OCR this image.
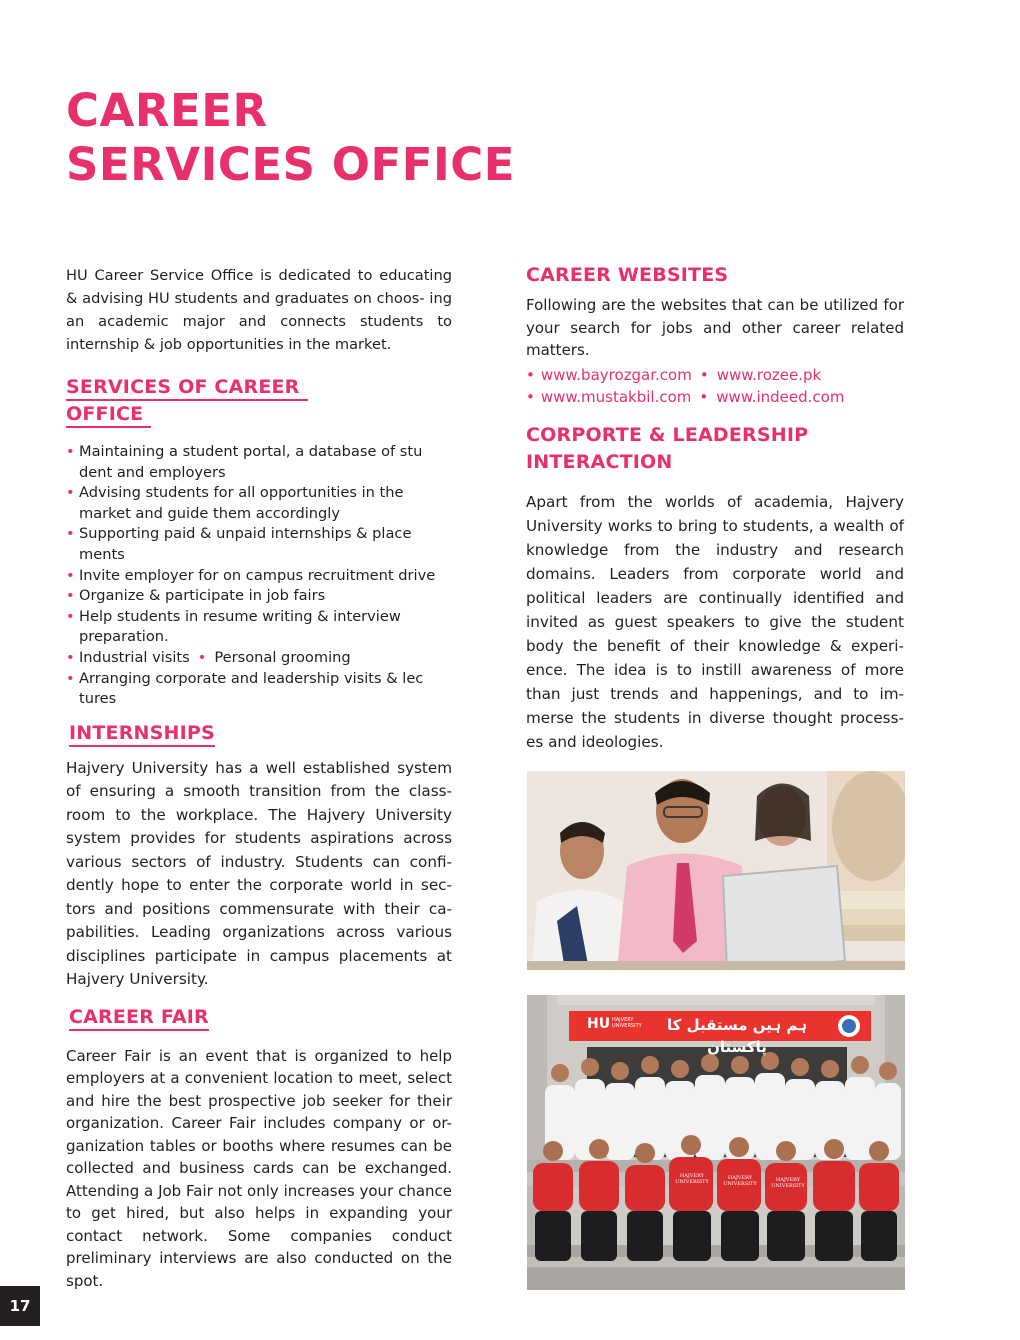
CAREER
SERVICES OFFICE

HU Career Service Office is dedicated to educating & advising HU students and graduates on choos- ing an academic major and connects students to internship & job opportunities in the market.

SERVICES OF CAREER
OFFICE
• Maintaining a student portal, a database of stu dent and employers
• Advising students for all opportunities in the market and guide them accordingly
• Supporting paid & unpaid internships & place ments
• Invite employer for on campus recruitment drive
• Organize & participate in job fairs
• Help students in resume writing & interview preparation.
• Industrial visits • Personal grooming
• Arranging corporate and leadership visits & lec tures
INTERNSHIPS

Hajvery University has a well established system of ensuring a smooth transition from the class- room to the workplace. The Hajvery University system provides for students aspirations across various sectors of industry. Students can confi- dently hope to enter the corporate world in sec- tors and positions commensurate with their ca- pabilities. Leading organizations across various disciplines participate in campus placements at Hajvery University.

CAREER FAIR

Career Fair is an event that is organized to help employers at a convenient location to meet, select and hire the best prospective job seeker for their organization. Career Fair includes company or or- ganization tables or booths where resumes can be collected and business cards can be exchanged. Attending a Job Fair not only increases your chance to get hired, but also helps in expanding your contact network. Some companies conduct preliminary interviews are also conducted on the spot.

CAREER WEBSITES

Following are the websites that can be utilized for your search for jobs and other career related matters.

• www.bayrozgar.com • www.rozee.pk
• www.mustakbil.com • www.indeed.com
CORPORTE & LEADERSHIP
INTERACTION

Apart from the worlds of academia, Hajvery University works to bring to students, a wealth of knowledge from the industry and research domains. Leaders from corporate world and political leaders are continually identified and invited as guest speakers to give the student body the benefit of their knowledge & experi- ence. The idea is to instill awareness of more than just trends and happenings, and to im- merse the students in diverse thought process- es and ideologies.

HU HAJVERY
UNIVERSITY	ہم ہیں مستقبل کا پاکستان
HAJVERY UNIVERSITY
HAJVERY UNIVERSITY
HAJVERY UNIVERSITY
17
